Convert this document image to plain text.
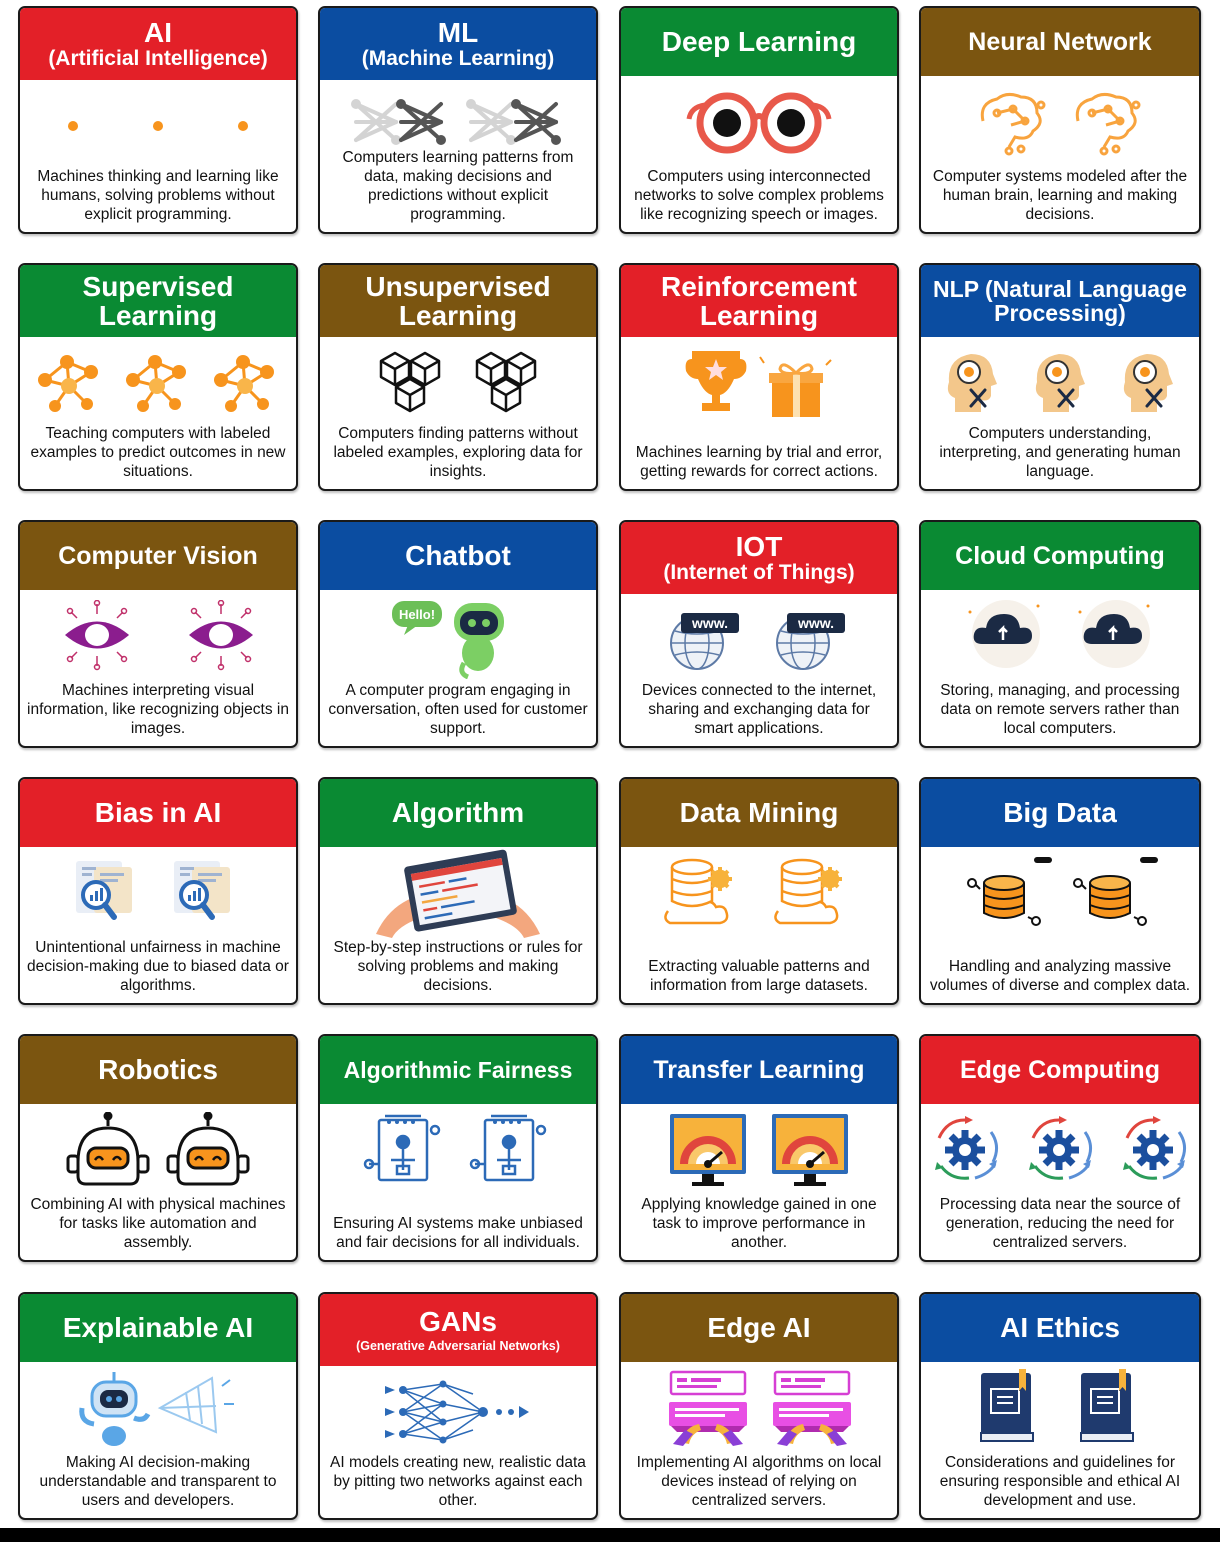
AI
(Artificial Intelligence)
Machines thinking and learning like humans, solving problems without explicit programming.
ML
(Machine Learning)
Computers learning patterns from data, making decisions and predictions without explicit programming.
Deep Learning
Computers using interconnected networks to solve complex problems like recognizing speech or images.
Neural Network
Computer systems modeled after the human brain, learning and making decisions.
Supervised Learning
Teaching computers with labeled examples to predict outcomes in new situations.
Unsupervised Learning
Computers finding patterns without labeled examples, exploring data for insights.
Reinforcement Learning
Machines learning by trial and error, getting rewards for correct actions.
NLP (Natural Language Processing)
Computers understanding, interpreting, and generating human language.
Computer Vision
Machines interpreting visual information, like recognizing objects in images.
Chatbot
Hello!
A computer program engaging in conversation, often used for customer support.
IOT
(Internet of Things)
www.	www.
Devices connected to the internet, sharing and exchanging data for smart applications.
Cloud Computing
Storing, managing, and processing data on remote servers rather than local computers.
Bias in AI
Unintentional unfairness in machine decision-making due to biased data or algorithms.
Algorithm
Step-by-step instructions or rules for solving problems and making decisions.
Data Mining
Extracting valuable patterns and information from large datasets.
Big Data
Handling and analyzing massive volumes of diverse and complex data.
Robotics
Combining AI with physical machines for tasks like automation and assembly.
Algorithmic Fairness
Ensuring AI systems make unbiased and fair decisions for all individuals.
Transfer Learning
Applying knowledge gained in one task to improve performance in another.
Edge Computing
Processing data near the source of generation, reducing the need for centralized servers.
Explainable AI
Making AI decision-making understandable and transparent to users and developers.
GANs
(Generative Adversarial Networks)
AI models creating new, realistic data by pitting two networks against each other.
Edge AI
Implementing AI algorithms on local devices instead of relying on centralized servers.
AI Ethics
Considerations and guidelines for ensuring responsible and ethical AI development and use.
